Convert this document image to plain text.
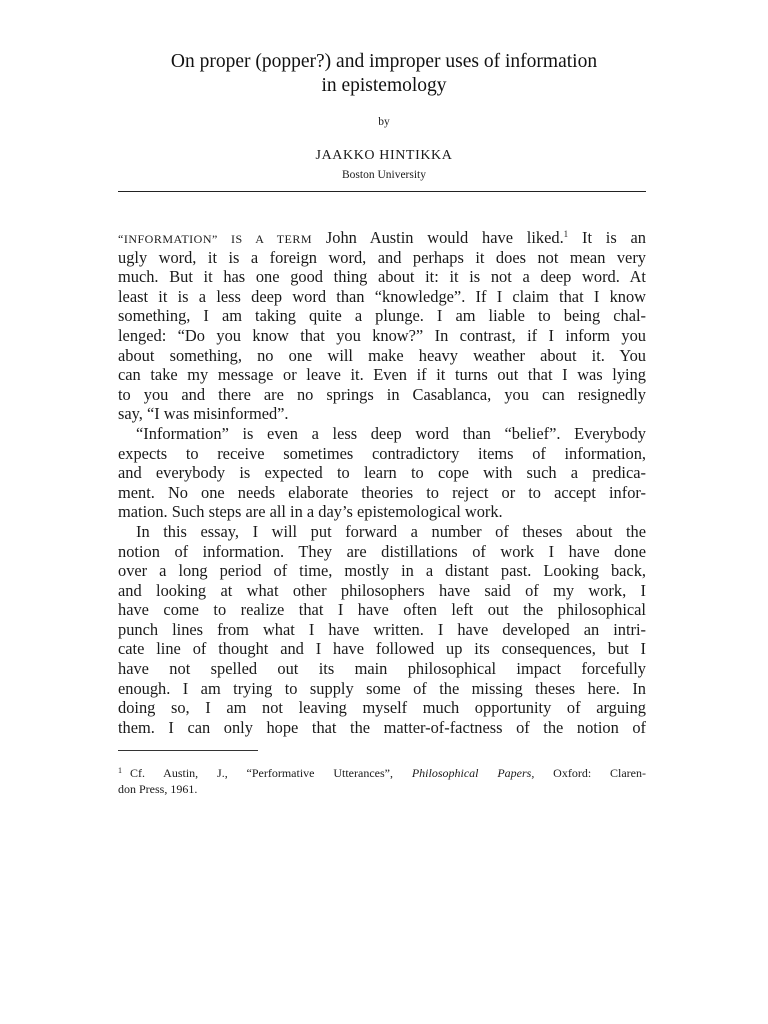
On proper (popper?) and improper uses of information
in epistemology
by
JAAKKO HINTIKKA
Boston University
“INFORMATION” IS A TERM John Austin would have liked.$^1$ It is an
ugly word, it is a foreign word, and perhaps it does not mean very
much. But it has one good thing about it: it is not a deep word. At
least it is a less deep word than “knowledge”. If I claim that I know
something, I am taking quite a plunge. I am liable to being chal-
lenged: “Do you know that you know?” In contrast, if I inform you
about something, no one will make heavy weather about it. You
can take my message or leave it. Even if it turns out that I was lying
to you and there are no springs in Casablanca, you can resignedly
say, “I was misinformed”.
“Information” is even a less deep word than “belief”. Everybody
expects to receive sometimes contradictory items of information,
and everybody is expected to learn to cope with such a predica-
ment. No one needs elaborate theories to reject or to accept infor-
mation. Such steps are all in a day’s epistemological work.
In this essay, I will put forward a number of theses about the
notion of information. They are distillations of work I have done
over a long period of time, mostly in a distant past. Looking back,
and looking at what other philosophers have said of my work, I
have come to realize that I have often left out the philosophical
punch lines from what I have written. I have developed an intri-
cate line of thought and I have followed up its consequences, but I
have not spelled out its main philosophical impact forcefully
enough. I am trying to supply some of the missing theses here. In
doing so, I am not leaving myself much opportunity of arguing
them. I can only hope that the matter-of-factness of the notion of
$^1$ Cf. Austin, J., “Performative Utterances”, Philosophical Papers, Oxford: Claren-
don Press, 1961.
